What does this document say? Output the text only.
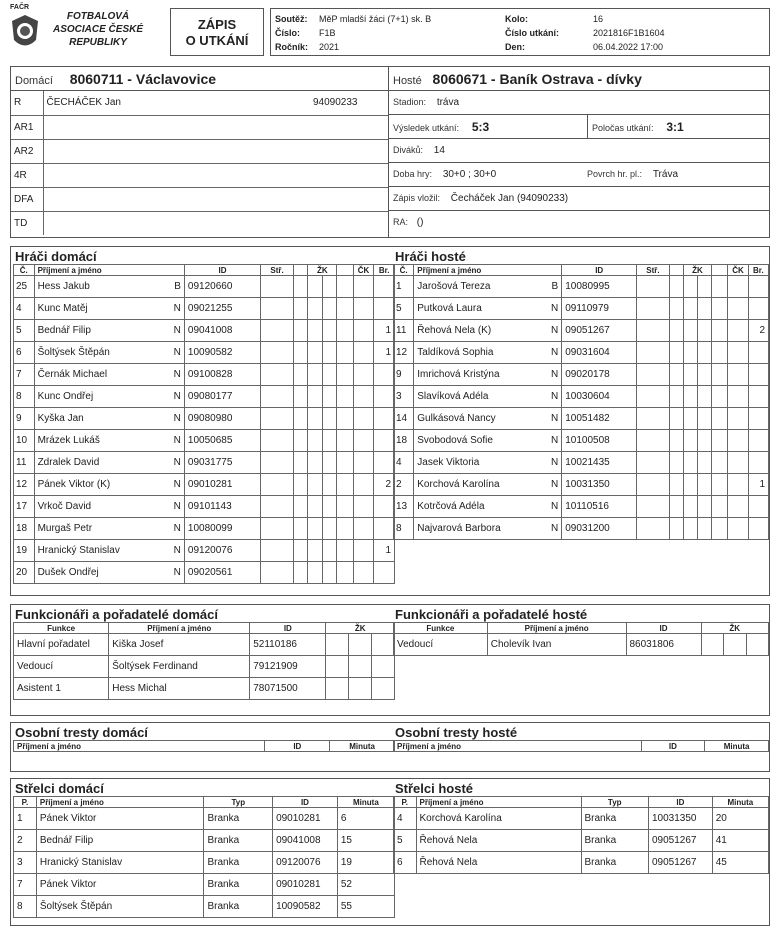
FAČR
FOTBALOVÁ ASOCIACE ČESKÉ REPUBLIKY
ZÁPIS
O UTKÁNÍ
Soutěž: MěP mladší žáci (7+1) sk. B
Číslo: F1B
Ročník: 2021
Kolo:	16
Číslo utkání:	2021816F1B1604
Den:	06.04.2022 17:00
Domácí 8060711 - Václavovice
R	ČECHÁČEK Jan	94090233
AR1		
AR2		
4R		
DFA		
TD		
Hosté 8060671 - Baník Ostrava - dívky
Stadion: tráva
Výsledek utkání: 5:3	Poločas utkání: 3:1
Diváků: 14
Doba hry: 30+0 ; 30+0	Povrch hr. pl.: Tráva
Zápis vložil: Čecháček Jan (94090233)
RA: ()
Hráči domácí
Č.	Příjmení a jméno	ID	Stř.		ŽK			ČK	Br.
25	Hess Jakub B	09120660							
4	Kunc Matěj N	09021255							
5	Bednář Filip N	09041008							1
6	Šoltýsek Štěpán N	10090582							1
7	Černák Michael N	09100828							
8	Kunc Ondřej N	09080177							
9	Kyška Jan N	09080980							
10	Mrázek Lukáš N	10050685							
11	Zdralek David N	09031775							
12	Pánek Viktor (K) N	09010281							2
17	Vrkoč David N	09101143							
18	Murgaš Petr N	10080099							
19	Hranický Stanislav N	09120076							1
20	Dušek Ondřej N	09020561							
Hráči hosté
Č.	Příjmení a jméno	ID	Stř.		ŽK			ČK	Br.
1	Jarošová Tereza B	10080995							
5	Putková Laura N	09110979							
11	Řehová Nela (K) N	09051267							2
12	Taldíková Sophia N	09031604							
9	Imrichová Kristýna N	09020178							
3	Slavíková Adéla N	10030604							
14	Gulkásová Nancy N	10051482							
18	Svobodová Sofie N	10100508							
4	Jasek Viktoria N	10021435							
2	Korchová Karolína N	10031350							1
13	Kotrčová Adéla N	10110516							
8	Najvarová Barbora N	09031200							
Funkcionáři a pořadatelé domácí
Funkce	Příjmení a jméno	ID	ŽK		
Hlavní pořadatel	Kiška Josef	52110186			
Vedoucí	Šoltýsek Ferdinand	79121909			
Asistent 1	Hess Michal	78071500			
Funkcionáři a pořadatelé hosté
Funkce	Příjmení a jméno	ID	ŽK		
Vedoucí	Cholevík Ivan	86031806			
Osobní tresty domácí
Příjmení a jméno	ID	Minuta
Osobní tresty hosté
Příjmení a jméno	ID	Minuta
Střelci domácí
P.	Příjmení a jméno	Typ	ID	Minuta
1	Pánek Viktor	Branka	09010281	6
2	Bednář Filip	Branka	09041008	15
3	Hranický Stanislav	Branka	09120076	19
7	Pánek Viktor	Branka	09010281	52
8	Šoltýsek Štěpán	Branka	10090582	55
Střelci hosté
P.	Příjmení a jméno	Typ	ID	Minuta
4	Korchová Karolína	Branka	10031350	20
5	Řehová Nela	Branka	09051267	41
6	Řehová Nela	Branka	09051267	45
